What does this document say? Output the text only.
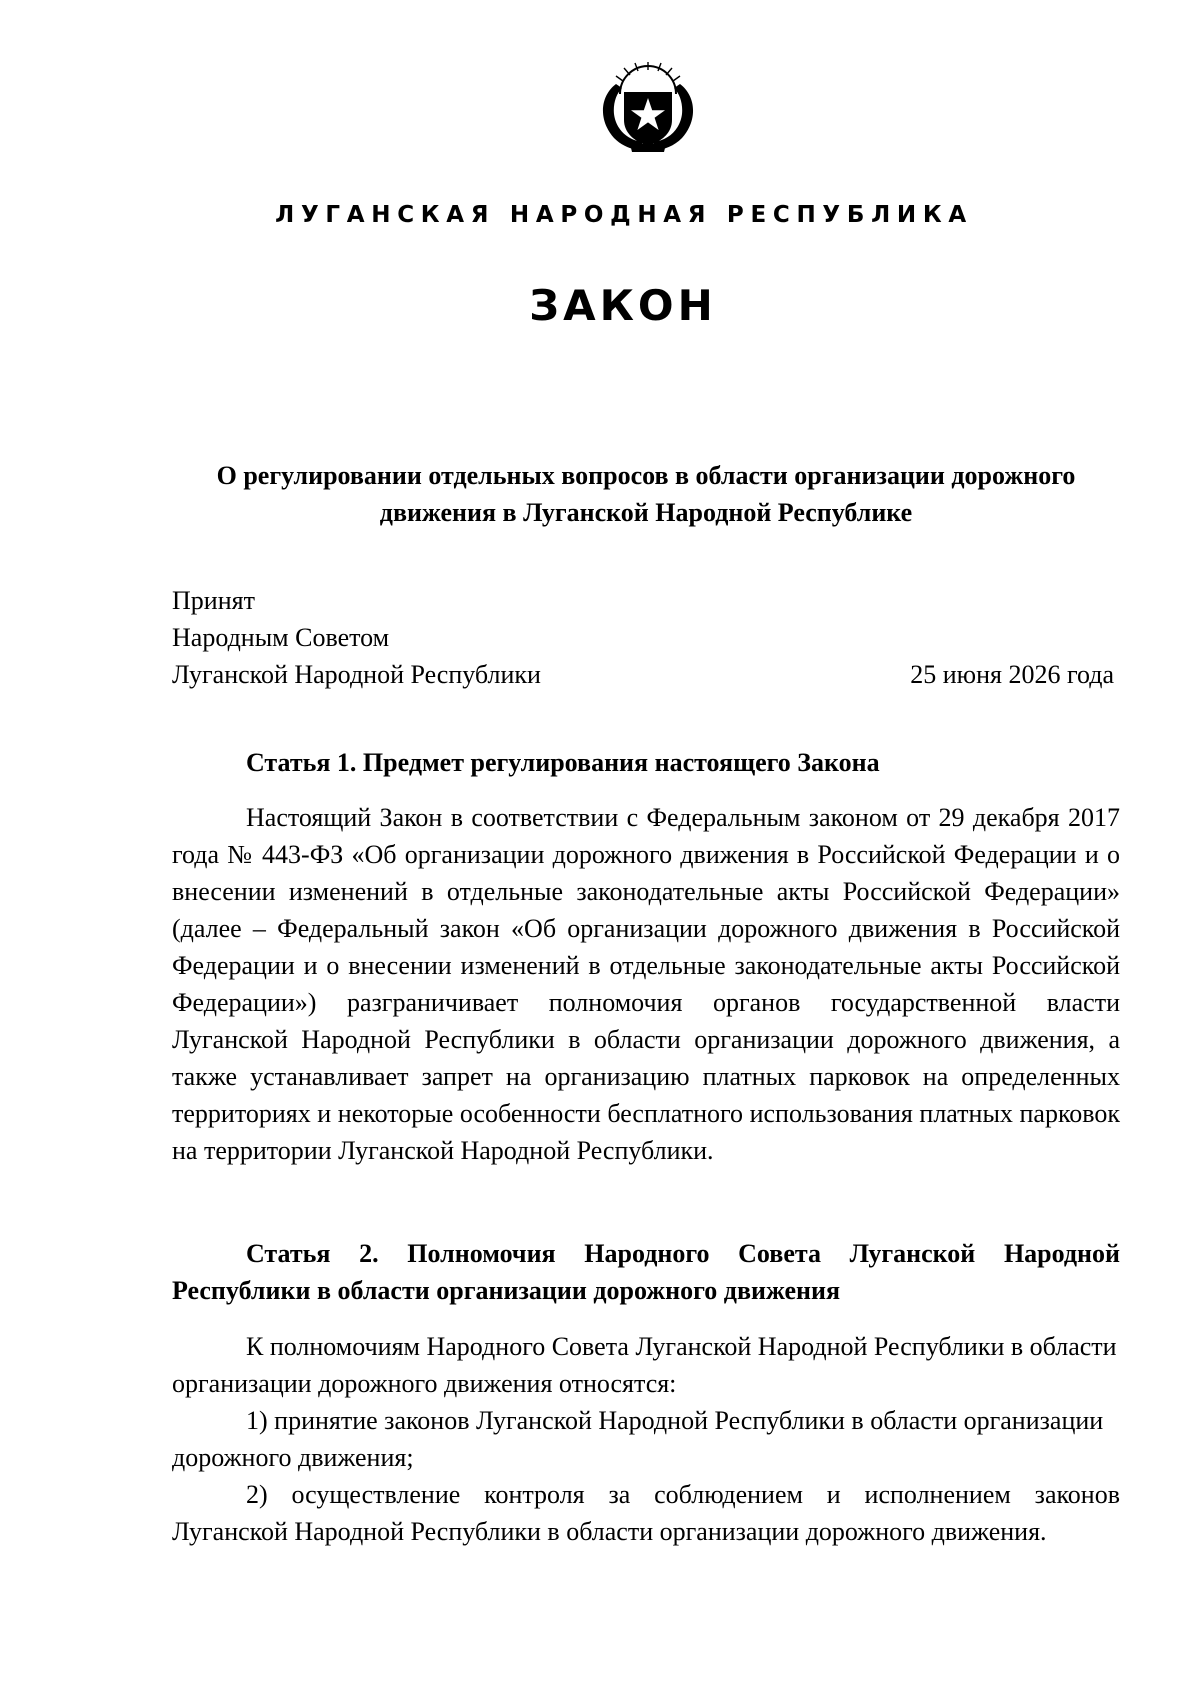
ЛУГАНСКАЯ НАРОДНАЯ РЕСПУБЛИКА
ЗАКОН
О регулировании отдельных вопросов в области организации дорожного
движения в Луганской Народной Республике
Принят
Народным Советом
Луганской Народной Республики	25 июня 2026 года
Статья 1. Предмет регулирования настоящего Закона

Настоящий Закон в соответствии с Федеральным законом от 29 декабря 2017 года № 443-ФЗ «Об организации дорожного движения в Российской Федерации и о внесении изменений в отдельные законодательные акты Российской Федерации» (далее – Федеральный закон «Об организации дорожного движения в Российской Федерации и о внесении изменений в отдельные законодательные акты Российской Федерации») разграничивает полномочия органов государственной власти Луганской Народной Республики в области организации дорожного движения, а также устанавливает запрет на организацию платных парковок на определенных территориях и некоторые особенности бесплатного использования платных парковок на территории Луганской Народной Республики.

Статья 2. Полномочия Народного Совета Луганской Народной Республики в области организации дорожного движения

К полномочиям Народного Совета Луганской Народной Республики в области организации дорожного движения относятся:

1) принятие законов Луганской Народной Республики в области организации дорожного движения;

2) осуществление контроля за соблюдением и исполнением законов Луганской Народной Республики в области организации дорожного движения.
